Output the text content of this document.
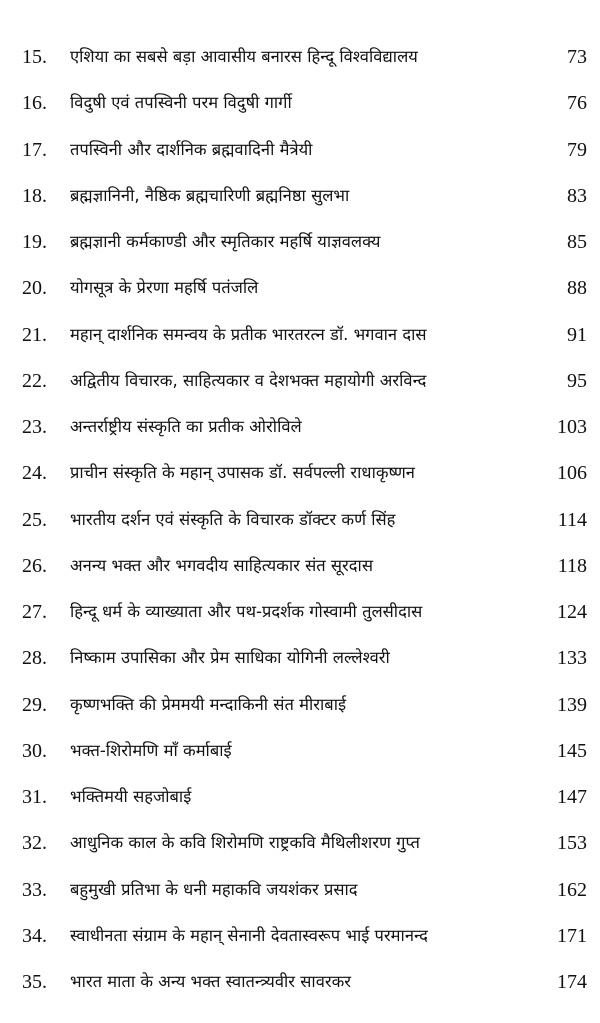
15.	एशिया का सबसे बड़ा आवासीय बनारस हिन्दू विश्वविद्यालय	73
16.	विदुषी एवं तपस्विनी परम विदुषी गार्गी	76
17.	तपस्विनी और दार्शनिक ब्रह्मवादिनी मैत्रेयी	79
18.	ब्रह्मज्ञानिनी, नैष्ठिक ब्रह्मचारिणी ब्रह्मनिष्ठा सुलभा	83
19.	ब्रह्मज्ञानी कर्मकाण्डी और स्मृतिकार महर्षि याज्ञवलक्य	85
20.	योगसूत्र के प्रेरणा महर्षि पतंजलि	88
21.	महान् दार्शनिक समन्वय के प्रतीक भारतरत्न डॉ. भगवान दास	91
22.	अद्वितीय विचारक, साहित्यकार व देशभक्त महायोगी अरविन्द	95
23.	अन्तर्राष्ट्रीय संस्कृति का प्रतीक ओरोविले	103
24.	प्राचीन संस्कृति के महान् उपासक डॉ. सर्वपल्ली राधाकृष्णन	106
25.	भारतीय दर्शन एवं संस्कृति के विचारक डॉक्टर कर्ण सिंह	114
26.	अनन्य भक्त और भगवदीय साहित्यकार संत सूरदास	118
27.	हिन्दू धर्म के व्याख्याता और पथ-प्रदर्शक गोस्वामी तुलसीदास	124
28.	निष्काम उपासिका और प्रेम साधिका योगिनी लल्लेश्वरी	133
29.	कृष्णभक्ति की प्रेममयी मन्दाकिनी संत मीराबाई	139
30.	भक्त-शिरोमणि माँ कर्माबाई	145
31.	भक्तिमयी सहजोबाई	147
32.	आधुनिक काल के कवि शिरोमणि राष्ट्रकवि मैथिलीशरण गुप्त	153
33.	बहुमुखी प्रतिभा के धनी महाकवि जयशंकर प्रसाद	162
34.	स्वाधीनता संग्राम के महान् सेनानी देवतास्वरूप भाई परमानन्द	171
35.	भारत माता के अन्य भक्त स्वातन्त्र्यवीर सावरकर	174
